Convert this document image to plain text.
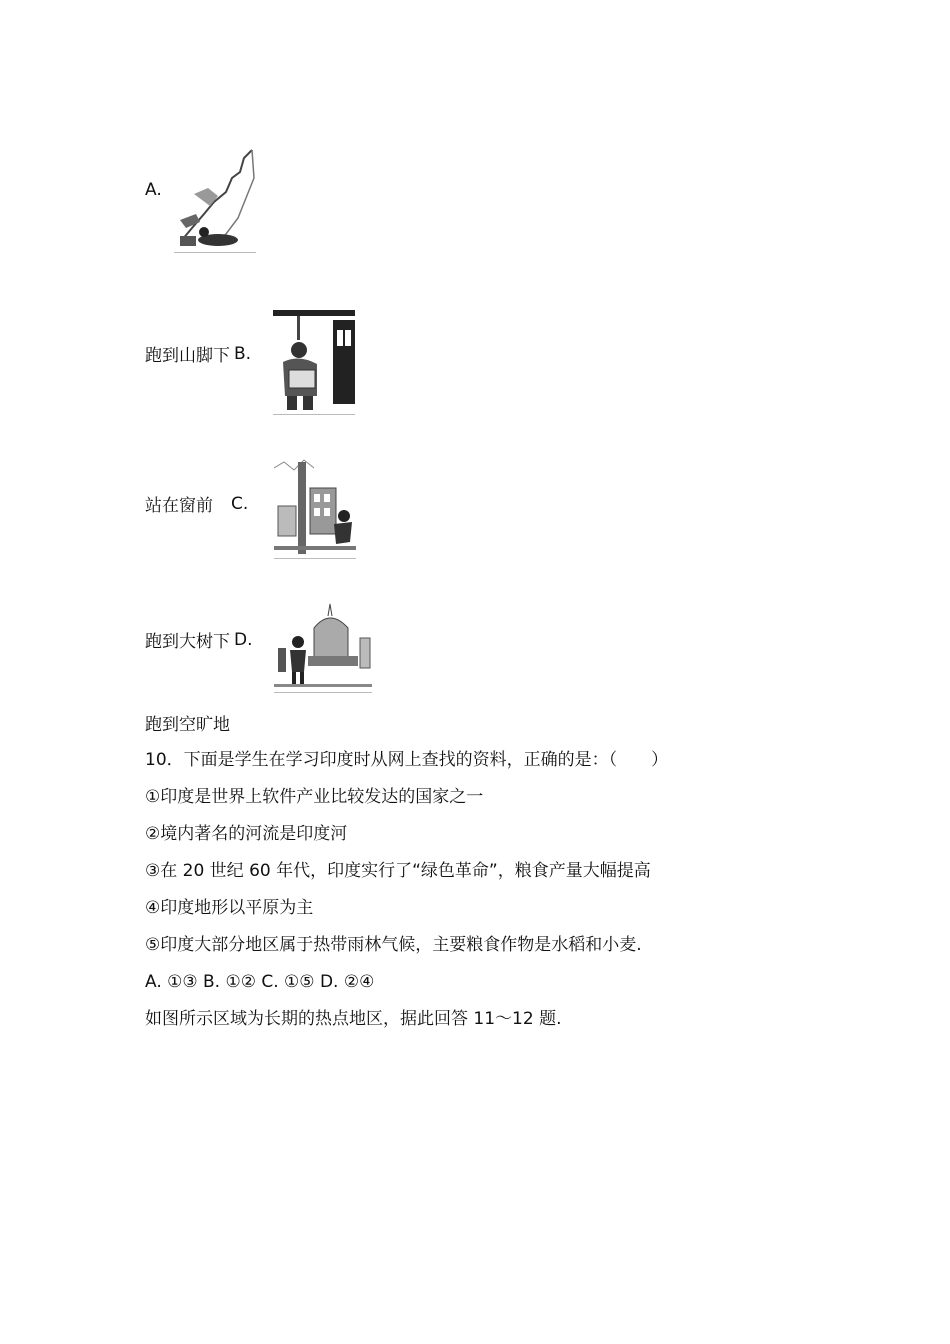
A.
跑到山脚下 B.
站在窗前 C.
跑到大树下 D.
跑到空旷地
10．下面是学生在学习印度时从网上查找的资料，正确的是：（　　）
①印度是世界上软件产业比较发达的国家之一
②境内著名的河流是印度河
③在 20 世纪 60 年代，印度实行了“绿色革命”，粮食产量大幅提高
④印度地形以平原为主
⑤印度大部分地区属于热带雨林气候，主要粮食作物是水稻和小麦.
A. ①③ B. ①② C. ①⑤ D. ②④
如图所示区域为长期的热点地区，据此回答 11～12 题.
